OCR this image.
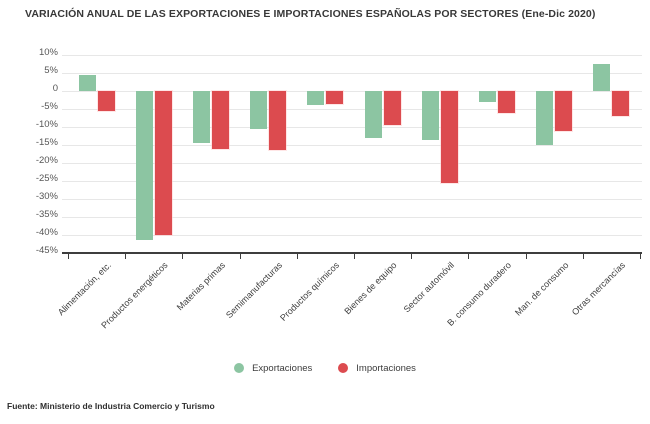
VARIACIÓN ANUAL DE LAS EXPORTACIONES E IMPORTACIONES ESPAÑOLAS POR SECTORES (Ene-Dic 2020)
10%
5%
0
-5%
-10%
-15%
-20%
-25%
-30%
-35%
-40%
-45%
Alimentación, etc.
Productos energéticos Materias primas
Semimanufacturas
Productos químicos Bienes de equipo Sector automóvil
B. consumo duradero Man. de consumo Otras mercancías
Exportaciones	Importaciones
Fuente: Ministerio de Industria Comercio y Turismo
